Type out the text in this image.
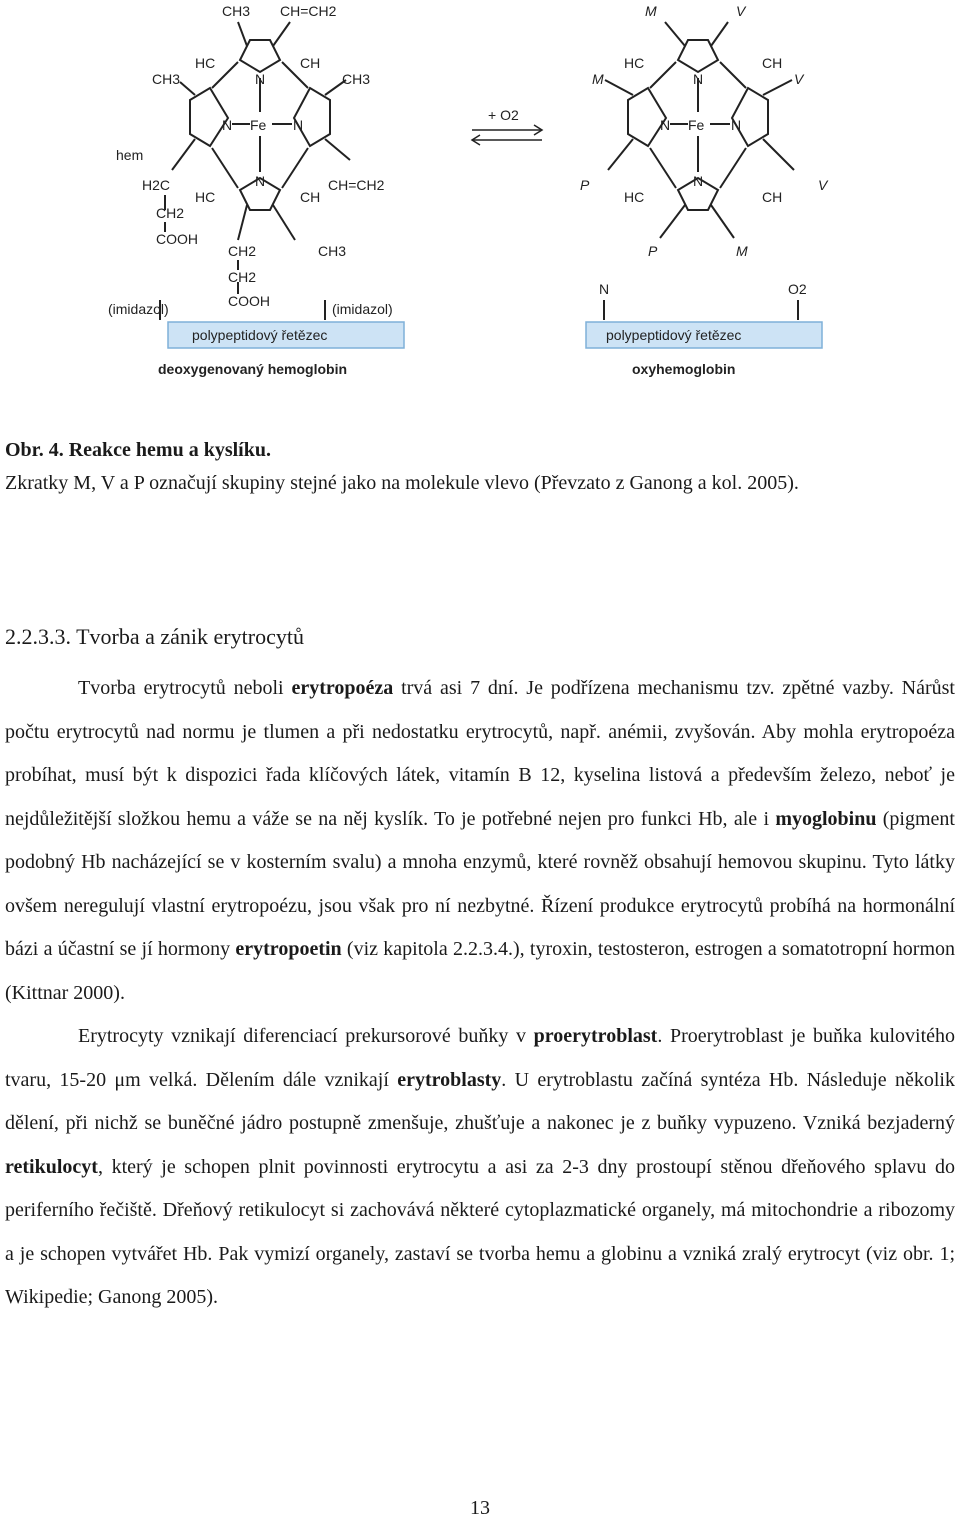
CH3 CH=CH2
HC	CH
CH3	CH3
N
N	N
Fe
N
hem
H2C
CH2
COOH
HC	CH
CH=CH2
CH2
CH2
COOH
CH3
(imidazol)	(imidazol)
polypeptidový řetězec
deoxygenovaný hemoglobin
+ O2
M	V
HC	CH
M	V
N
N	N
Fe
N
P	V
HC	CH
P	M
N	O2
polypeptidový řetězec
oxyhemoglobin
Obr. 4. Reakce hemu a kyslíku.
Zkratky M, V a P označují skupiny stejné jako na molekule vlevo (Převzato z Ganong a kol. 2005).
2.2.3.3. Tvorba a zánik erytrocytů

Tvorba erytrocytů neboli erytropoéza trvá asi 7 dní. Je podřízena mechanismu tzv. zpětné vazby. Nárůst počtu erytrocytů nad normu je tlumen a při nedostatku erytrocytů, např. anémii, zvyšován. Aby mohla erytropoéza probíhat, musí být k dispozici řada klíčových látek, vitamín B 12, kyselina listová a především železo, neboť je nejdůležitější složkou hemu a váže se na něj kyslík. To je potřebné nejen pro funkci Hb, ale i myoglobinu (pigment podobný Hb nacházející se v kosterním svalu) a mnoha enzymů, které rovněž obsahují hemovou skupinu. Tyto látky ovšem neregulují vlastní erytropoézu, jsou však pro ní nezbytné. Řízení produkce erytrocytů probíhá na hormonální bázi a účastní se jí hormony erytropoetin (viz kapitola 2.2.3.4.), tyroxin, testosteron, estrogen a somatotropní hormon (Kittnar 2000).

Erytrocyty vznikají diferenciací prekursorové buňky v proerytroblast. Proerytroblast je buňka kulovitého tvaru, 15-20 μm velká. Dělením dále vznikají erytroblasty. U erytroblastu začíná syntéza Hb. Následuje několik dělení, při nichž se buněčné jádro postupně zmenšuje, zhušťuje a nakonec je z buňky vypuzeno. Vzniká bezjaderný retikulocyt, který je schopen plnit povinnosti erytrocytu a asi za 2-3 dny prostoupí stěnou dřeňového splavu do periferního řečiště. Dřeňový retikulocyt si zachovává některé cytoplazmatické organely, má mitochondrie a ribozomy a je schopen vytvářet Hb. Pak vymizí organely, zastaví se tvorba hemu a globinu a vzniká zralý erytrocyt (viz obr. 1; Wikipedie; Ganong 2005).

13
